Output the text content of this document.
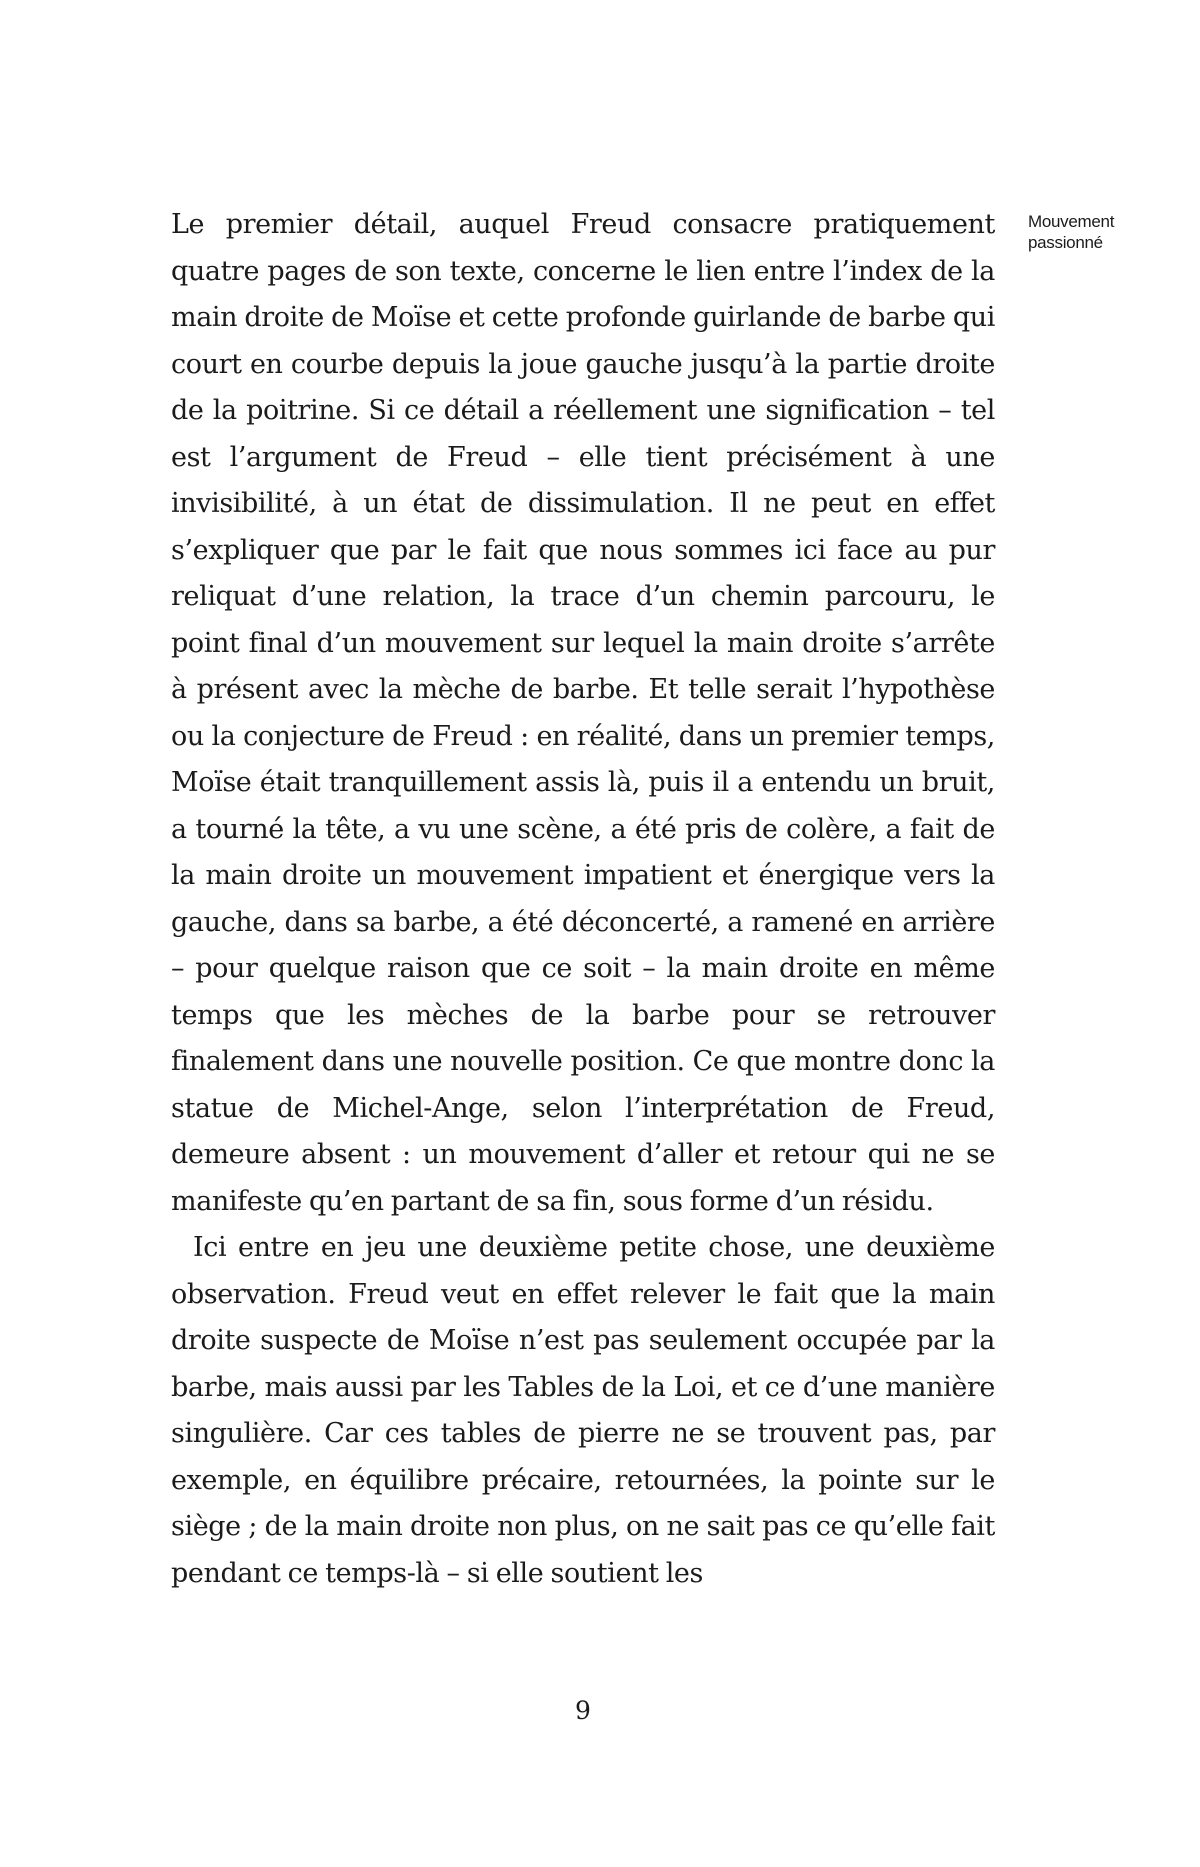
Le premier détail, auquel Freud consacre pratiquement quatre pages de son texte, concerne le lien entre l’index de la main droite de Moïse et cette profonde guirlande de barbe qui court en courbe depuis la joue gauche jusqu’à la partie droite de la poitrine. Si ce détail a réellement une signification – tel est l’argument de Freud – elle tient précisément à une invisibilité, à un état de dissimulation. Il ne peut en effet s’expliquer que par le fait que nous sommes ici face au pur reliquat d’une relation, la trace d’un chemin parcouru, le point final d’un mouvement sur lequel la main droite s’arrête à présent avec la mèche de barbe. Et telle serait l’hypothèse ou la conjecture de Freud : en réalité, dans un premier temps, Moïse était tranquillement assis là, puis il a entendu un bruit, a tourné la tête, a vu une scène, a été pris de colère, a fait de la main droite un mouvement impatient et énergique vers la gauche, dans sa barbe, a été déconcerté, a ramené en arrière – pour quelque raison que ce soit – la main droite en même temps que les mèches de la barbe pour se retrouver finalement dans une nouvelle position. Ce que montre donc la statue de Michel-Ange, selon l’interprétation de Freud, demeure absent : un mouvement d’aller et retour qui ne se manifeste qu’en partant de sa fin, sous forme d’un résidu.

Ici entre en jeu une deuxième petite chose, une deuxième observation. Freud veut en effet relever le fait que la main droite suspecte de Moïse n’est pas seulement occupée par la barbe, mais aussi par les Tables de la Loi, et ce d’une manière singulière. Car ces tables de pierre ne se trouvent pas, par exemple, en équilibre précaire, retournées, la pointe sur le siège ; de la main droite non plus, on ne sait pas ce qu’elle fait pendant ce temps-là – si elle soutient les

Mouvement
passionné
9
